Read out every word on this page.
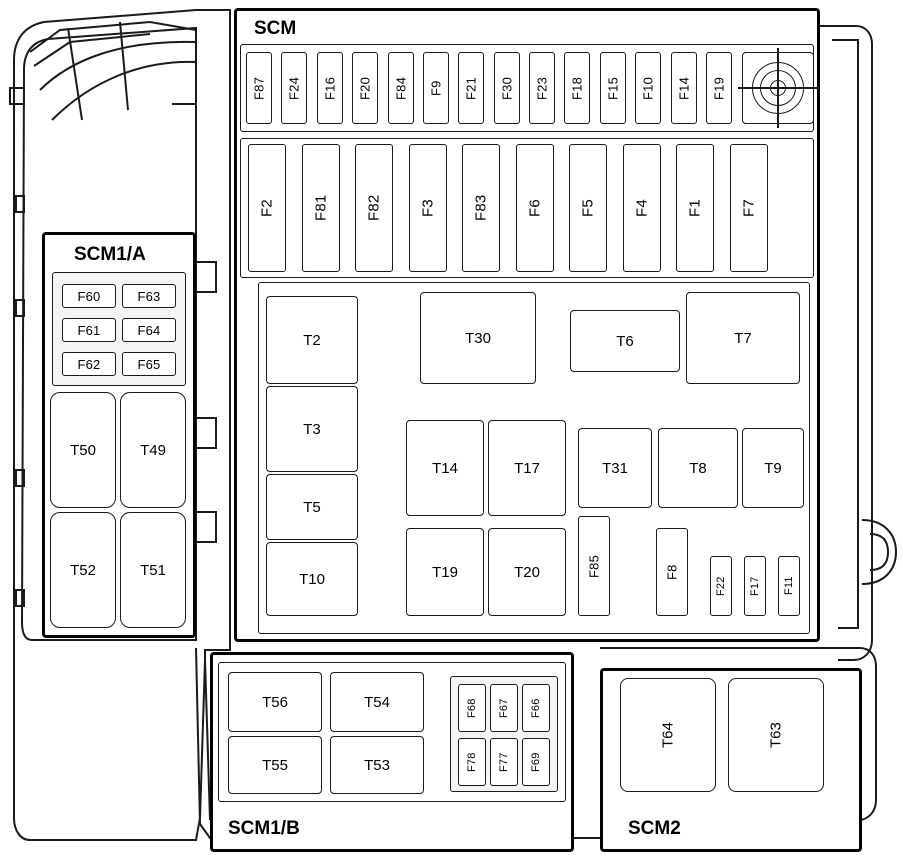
SCM
F87	F24	F16	F20	F84	F9	F21	F30	F23	F18	F15	F10	F14	F19
F2	F81	F82	F3	F83	F6	F5	F4	F1	F7
T2
T3
T5
T10
T30	T6	T7
T14	T17	T31	T8	T9
T19	T20	F85	F8
F22	F17	F11
SCM1/A
F60	F63
F61	F64
F62	F65
T50	T49
T52	T51
SCM1/B
T56	T54
T55	T53
F68	F67	F66
F78	F77	F69
SCM2
T64	T63
